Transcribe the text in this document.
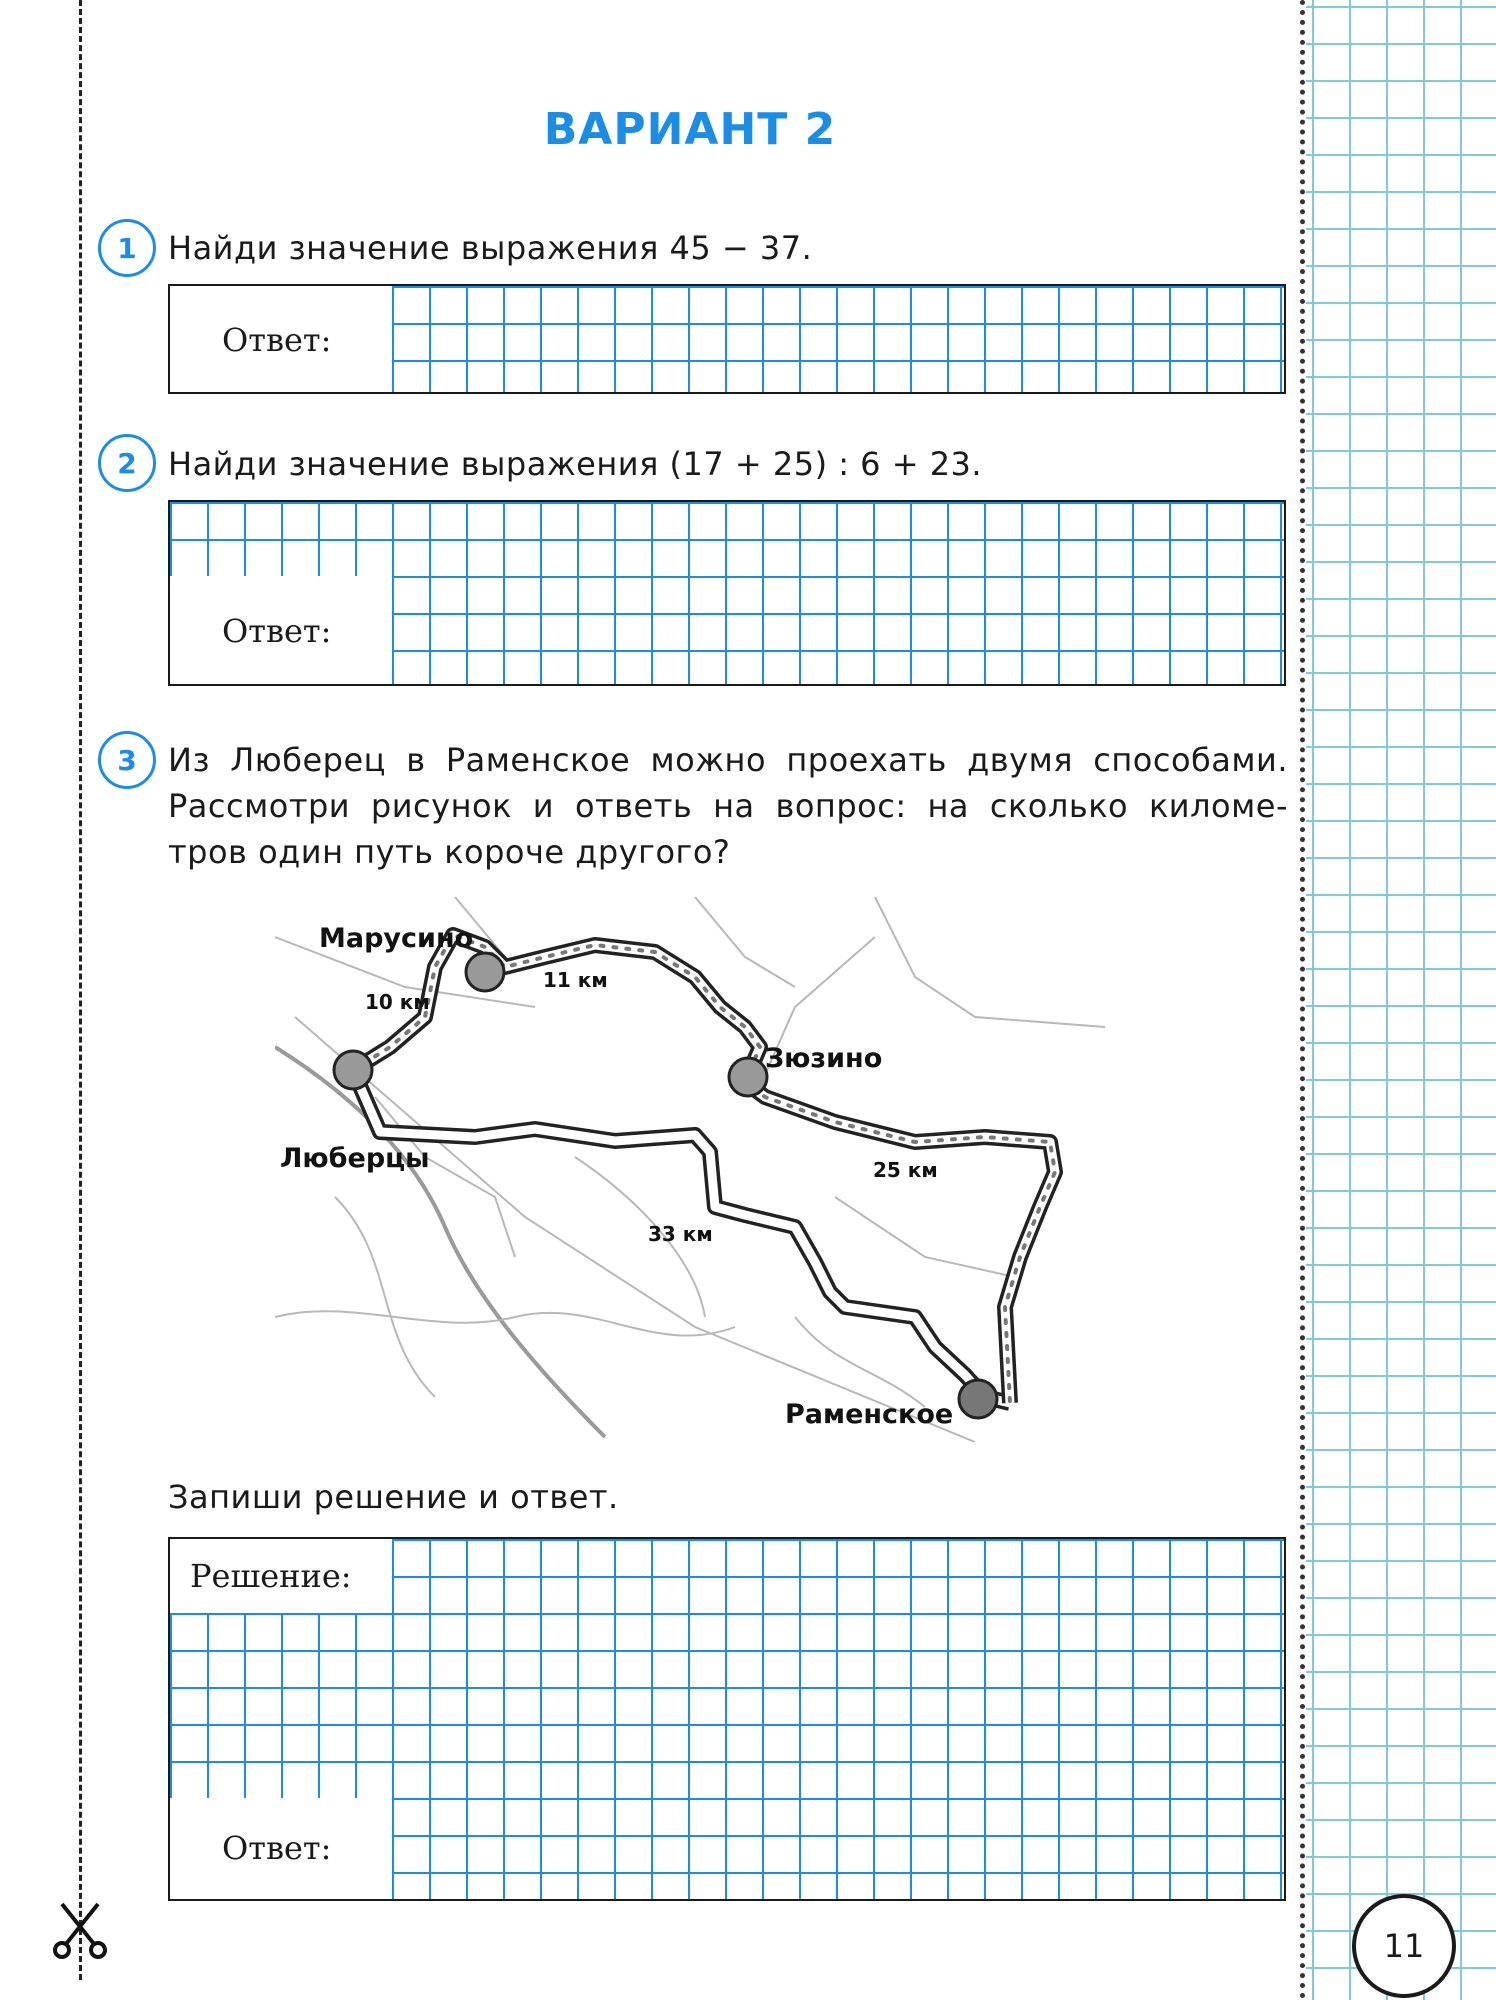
11
ВАРИАНТ 2
1 Найди значение выражения 45 − 37.
Ответ:
2 Найди значение выражения (17 + 25) : 6 + 23.
Ответ:
3 Из Люберец в Раменское можно проехать двумя способами.
Рассмотри рисунок и ответь на вопрос: на сколько киломе-
тров один путь короче другого?
Марусино
Зюзино
Люберцы
Раменское
10 км
11 км
25 км
33 км
Запиши решение и ответ.
Решение:
Ответ:
